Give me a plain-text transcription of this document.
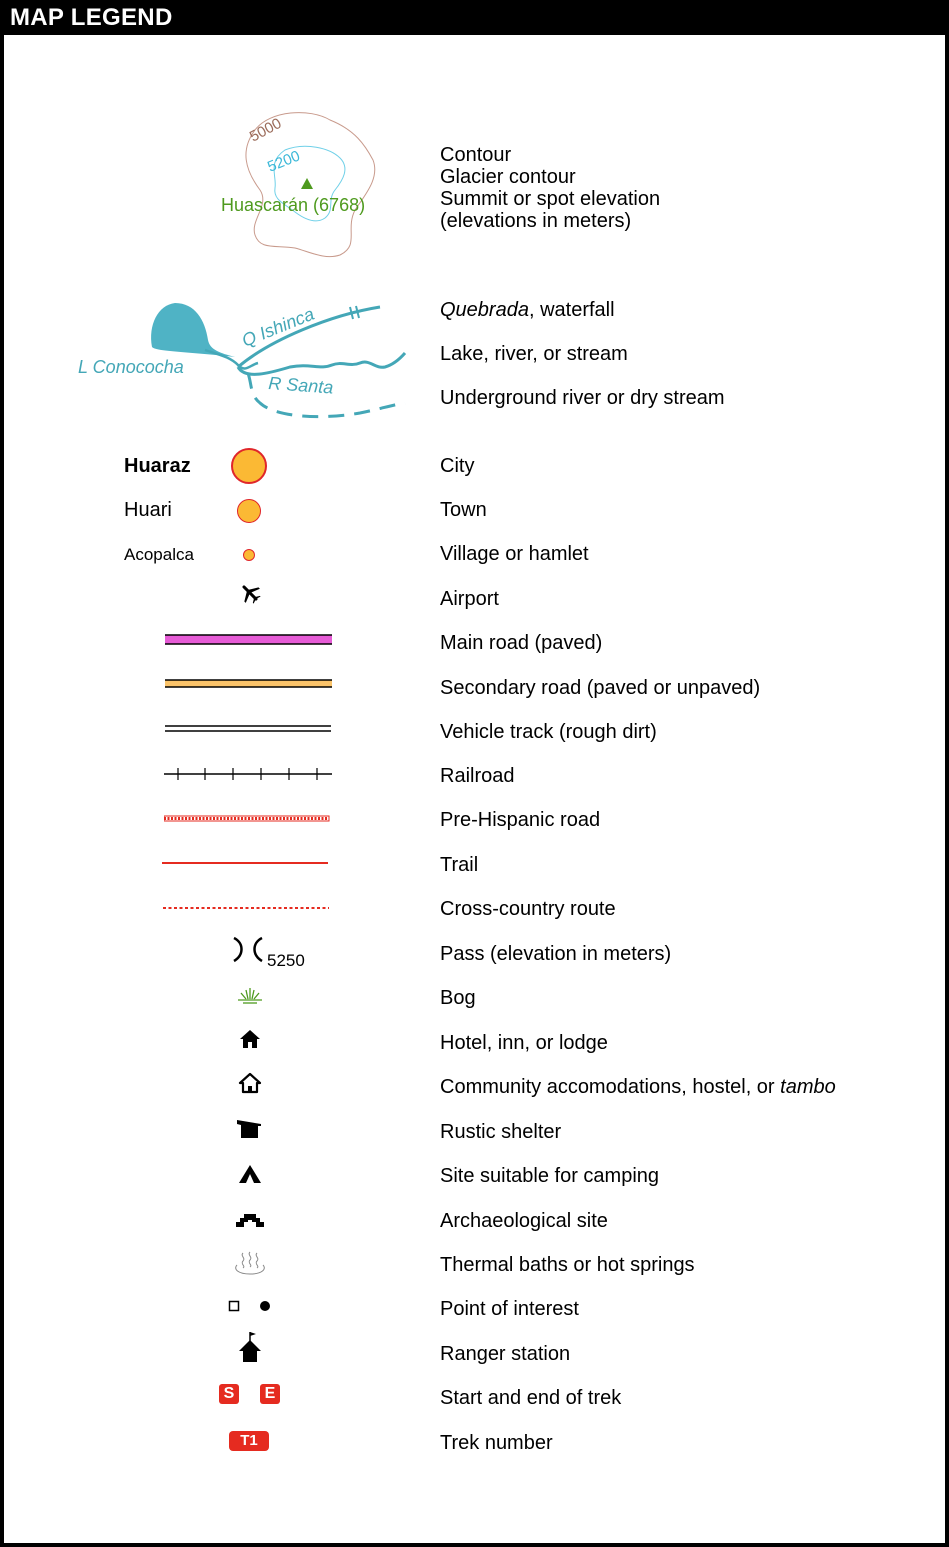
MAP LEGEND
5000
5200
Huascarán (6768)
Contour
Glacier contour
Summit or spot elevation
(elevations in meters)
Q Ishinca
L Conococha
R Santa
Quebrada, waterfall
Lake, river, or stream
Underground river or dry stream
Huaraz	City
Huari	Town
Acopalca	Village or hamlet
Airport
Main road (paved)
Secondary road (paved or unpaved)
Vehicle track (rough dirt)
Railroad
Pre-Hispanic road
Trail
Cross-country route
5250	Pass (elevation in meters)
Bog
Hotel, inn, or lodge
Community accomodations, hostel, or tambo
Rustic shelter
Site suitable for camping
Archaeological site
Thermal baths or hot springs
Point of interest
Ranger station
S E	Start and end of trek
T1	Trek number
